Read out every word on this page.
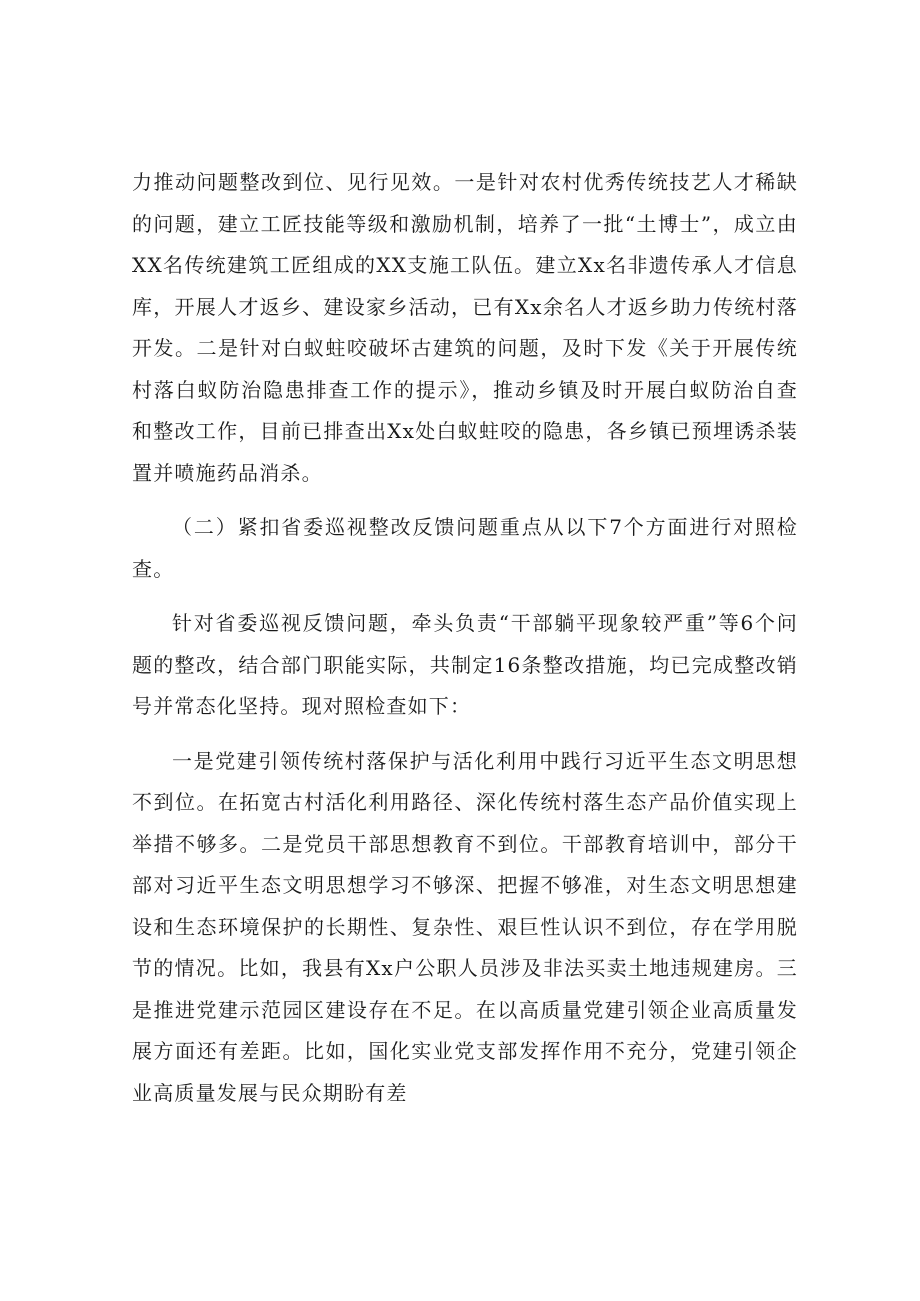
力推动问题整改到位、见行见效。一是针对农村优秀传统技艺人才稀缺的问题，建立工匠技能等级和激励机制，培养了一批“土博士”，成立由XX名传统建筑工匠组成的XX支施工队伍。建立Xx名非遗传承人才信息库，开展人才返乡、建设家乡活动，已有Xx余名人才返乡助力传统村落开发。二是针对白蚁蛀咬破坏古建筑的问题，及时下发《关于开展传统村落白蚁防治隐患排查工作的提示》，推动乡镇及时开展白蚁防治自查和整改工作，目前已排查出Xx处白蚁蛀咬的隐患，各乡镇已预埋诱杀装置并喷施药品消杀。

（二）紧扣省委巡视整改反馈问题重点从以下7个方面进行对照检查。

针对省委巡视反馈问题，牵头负责“干部躺平现象较严重”等6个问题的整改，结合部门职能实际，共制定16条整改措施，均已完成整改销号并常态化坚持。现对照检查如下：

一是党建引领传统村落保护与活化利用中践行习近平生态文明思想不到位。在拓宽古村活化利用路径、深化传统村落生态产品价值实现上举措不够多。二是党员干部思想教育不到位。干部教育培训中，部分干部对习近平生态文明思想学习不够深、把握不够准，对生态文明思想建设和生态环境保护的长期性、复杂性、艰巨性认识不到位，存在学用脱节的情况。比如，我县有Xx户公职人员涉及非法买卖土地违规建房。三是推进党建示范园区建设存在不足。在以高质量党建引领企业高质量发展方面还有差距。比如，国化实业党支部发挥作用不充分，党建引领企业高质量发展与民众期盼有差
